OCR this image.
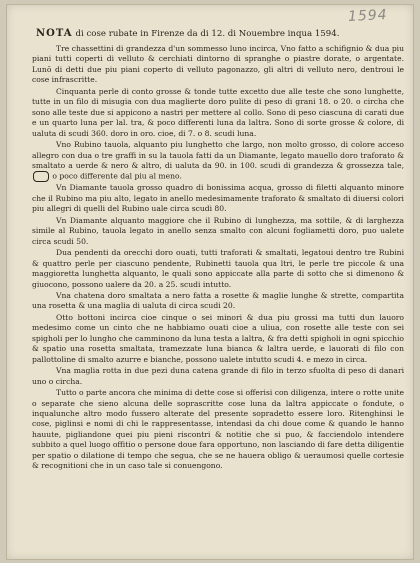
1594
NOTA di cose rubate in Firenze da di 12. di Nouembre inqua 1594.

Tre chassettini di grandezza d'un sommesso luno incirca, Vno fatto a schifignio & dua piu piani tutti coperti di velluto & cerchiati dintorno di spranghe o piastre dorate, o argentate. Lunō di detti due piu piani coperto di velluto pagonazzo, gli altri di velluto nero, dentroui le cose infrascritte.

Cinquanta perle di conto grosse & tonde tutte excetto due alle teste che sono lunghette, tutte in un filo di misugia con dua maglierte doro pulite di peso di grani 18. o 20. o circha che sono alle teste due si appicono a nastri per mettere al collo. Sono di peso ciascuna di carati due e un quarto luna per lal. tra, & poco differenti luna da laltra. Sono di sorte grosse & colore, di ualuta di scudi 360. doro in oro. cioe, di 7. o 8. scudi luna.

Vno Rubino tauola, alquanto piu lunghetto che largo, non molto grosso, di colore acceso allegro con dua o tre graffi in su la tauola fatti da un Diamante, legato mauello doro traforato & smaltato a uerde & nero & altro, di ualuta da 90. in 100. scudi di grandezza & grossezza tale,  o poco differente dal piu al meno.

Vn Diamante tauola grosso quadro di bonissima acqua, grosso di filetti alquanto minore che il Rubino ma piu alto, legato in anello medesimamente traforato & smaltato di diuersi colori piu allegri di quelli del Rubino uale circa scudi 80.

Vn Diamante alquanto maggiore che il Rubino di lunghezza, ma sottile, & di larghezza simile al Rubino, tauola legato in anello senza smalto con alcuni fogliametti doro, puo ualete circa scudi 50.

Dua pendenti da orecchi doro ouati, tutti traforati & smaltati, legatoui dentro tre Rubini & quattro perle per ciascuno pendente, Rubinetti tauola qua ltri, le perle tre piccole & una maggioretta lunghetta alquanto, le quali sono appiccate alla parte di sotto che si dimenono & giuocono, possono ualere da 20. a 25. scudi intutto.

Vna chatena doro smaltata a nero fatta a rosette & maglie lunghe & strette, compartita una rosetta & una maglia di ualuta di circa scudi 20.

Otto bottoni incirca cioe cinque o sei minori & dua piu grossi ma tutti dun lauoro medesimo come un cinto che ne habbiamo ouati cioe a uliua, con rosette alle teste con sei spigholi per lo lungho che camminono da luna testa a laltra, & fra detti spigholi in ogni spicchio & spatio una rosetta smaltata, tramezzate luna bianca & laltra uerde, e lauorati di filo con pallottoline di smalto azurre e bianche, possono ualete intutto scudi 4. e mezo in circa.

Vna maglia rotta in due pezi duna catena grande di filo in terzo sfuolta di peso di danari uno o circha.

Tutto o parte ancora che minima di dette cose si offerisi con diligenza, intere o rotte unite o separate che sieno alcuna delle soprascritte cose luna da laltra appiccate o fondute, o inqualunche altro modo fussero alterate del presente sopradetto essere loro. Ritenghinsi le cose, piglinsi e nomi di chi le rappresentasse, intendasi da chi doue come & quando le hanno hauute, pigliandone quei piu pieni riscontri & notitie che si puo, & facciendolo intendere subbito a quel luogo offitio o persone doue fara opportuno, non lasciando di fare detta diligentie per spatio o dilatione di tempo che segua, che se ne hauera obligo & ueraumosi quelle cortesie & recognitioni che in un caso tale si conuengono.
